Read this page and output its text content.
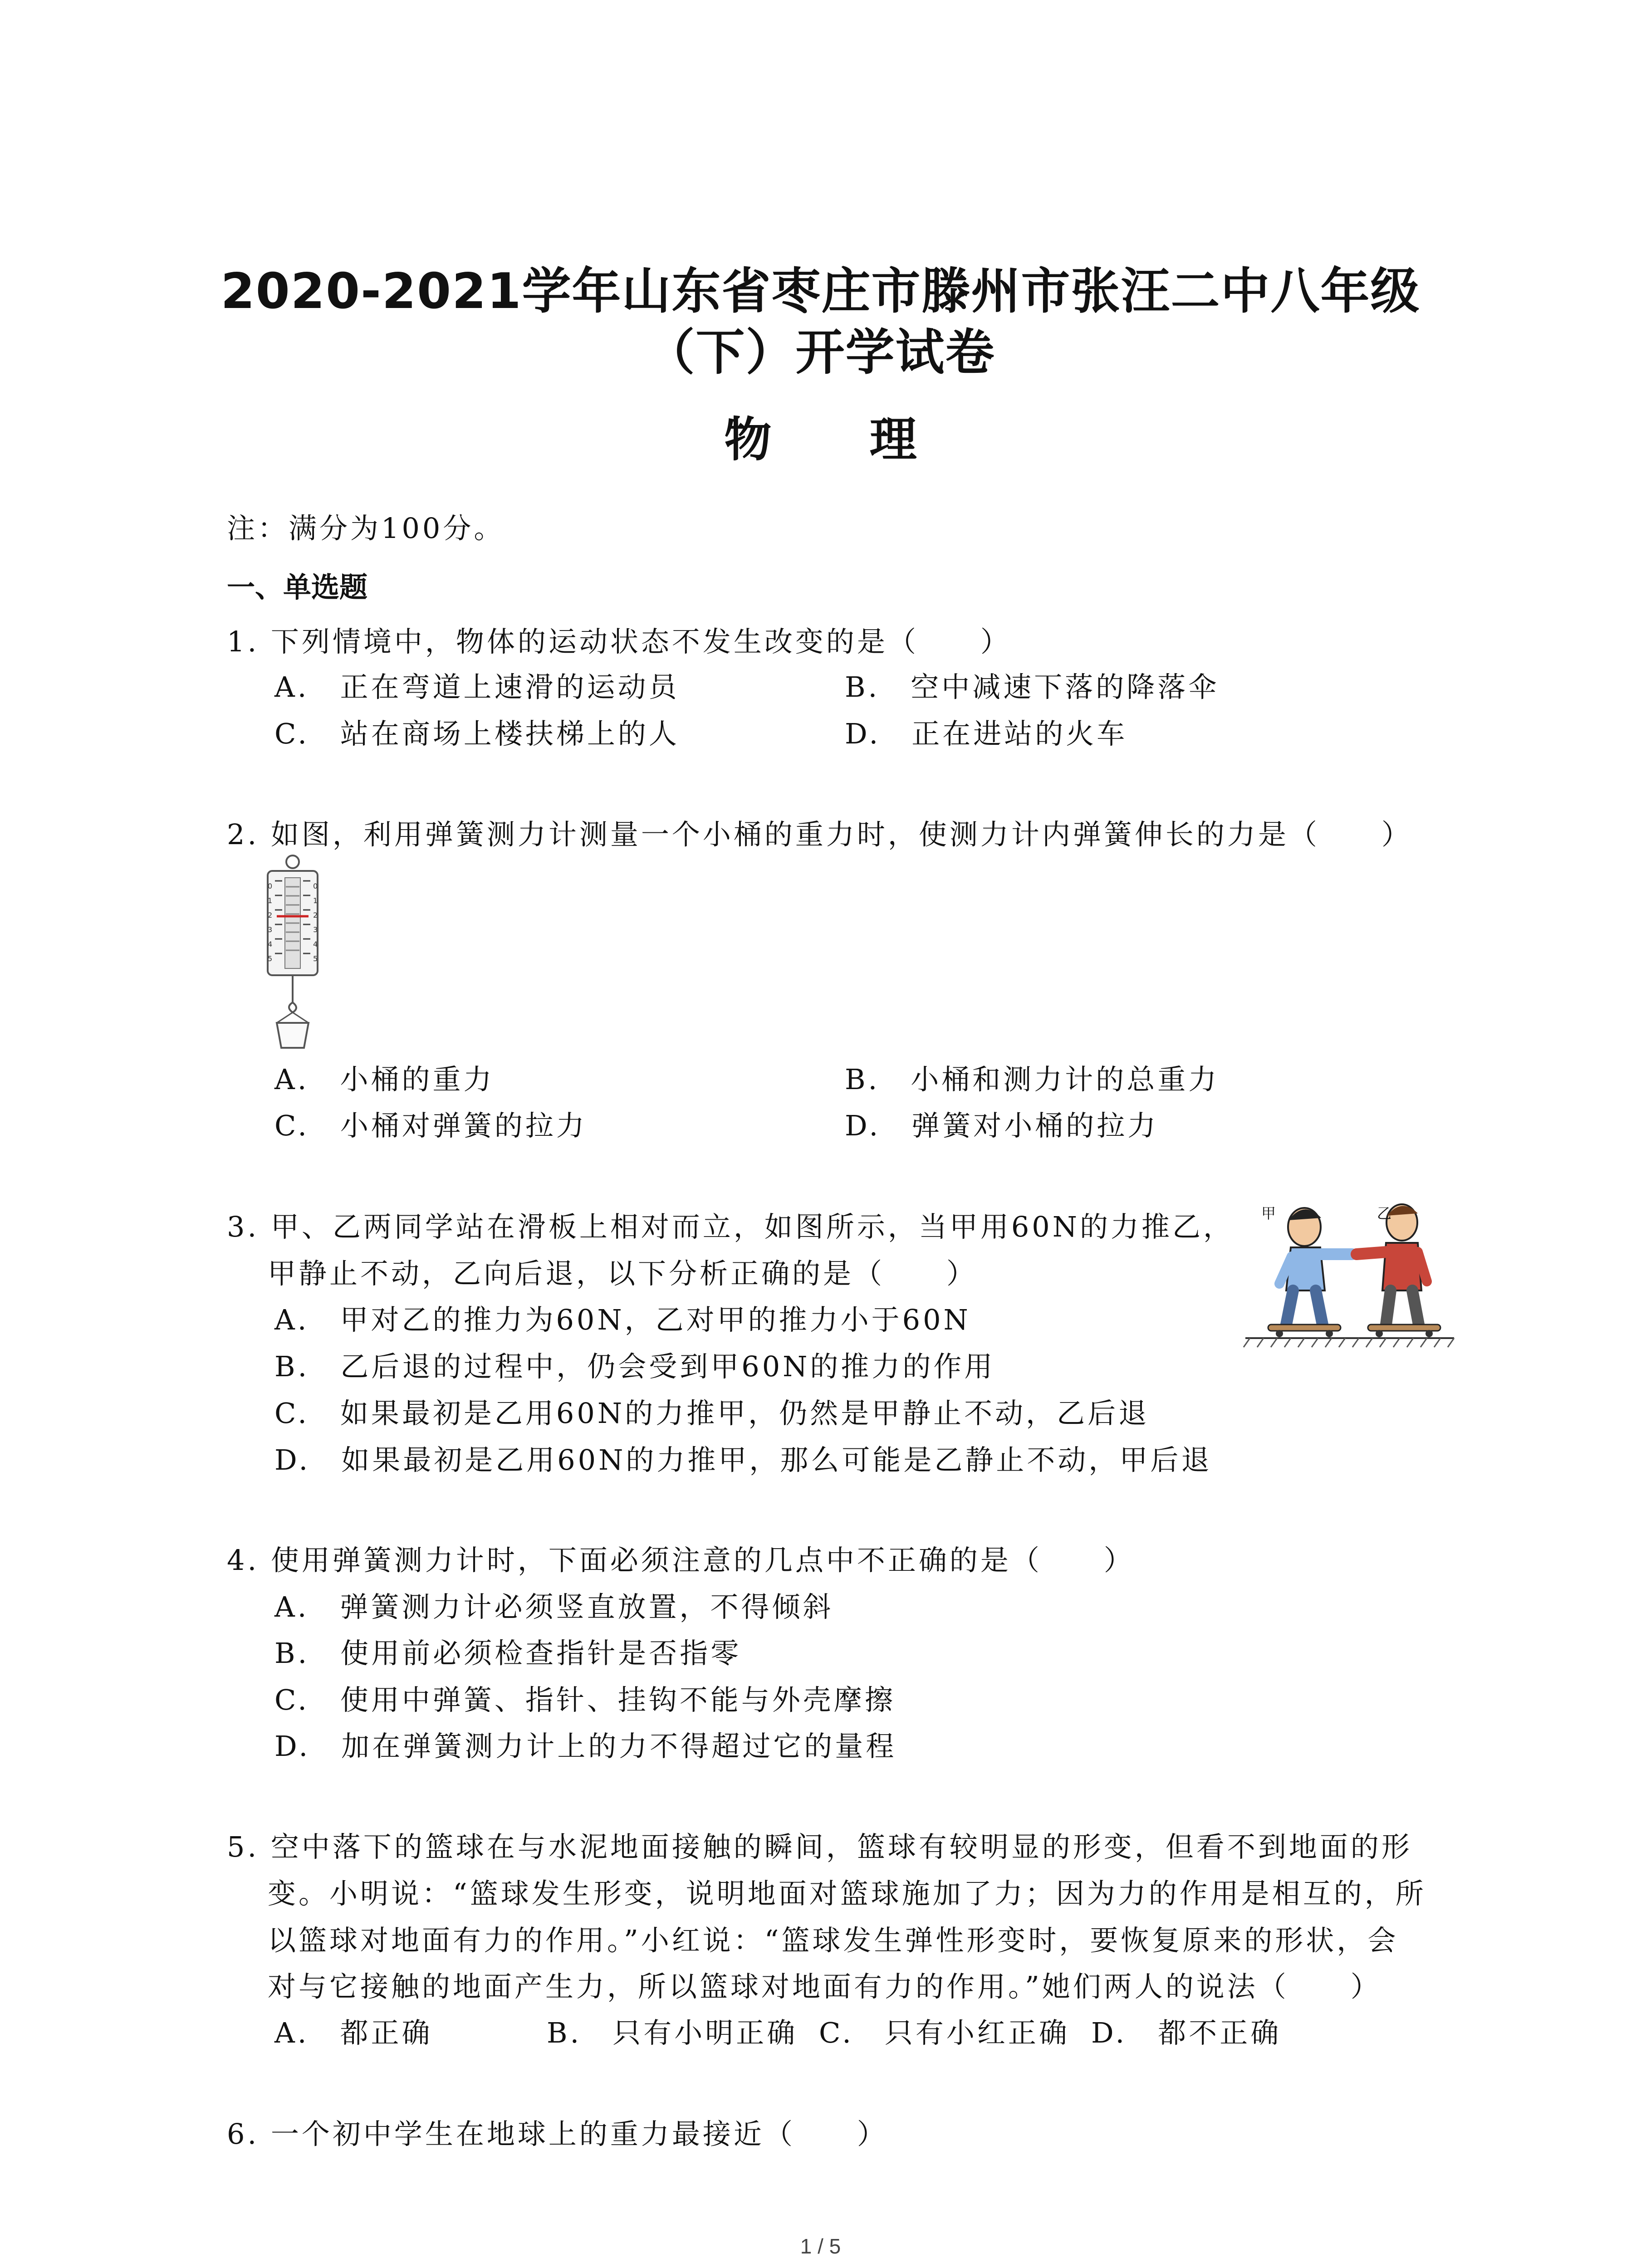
2020-2021学年山东省枣庄市滕州市张汪二中八年级
（下）开学试卷
物 理
注：满分为100分。
一、单选题
1. 下列情境中，物体的运动状态不发生改变的是（　　）
A.　正在弯道上速滑的运动员	B.　空中减速下落的降落伞
C.　站在商场上楼扶梯上的人	D.　正在进站的火车
2. 如图，利用弹簧测力计测量一个小桶的重力时，使测力计内弹簧伸长的力是（　　）
0
1
2
3
4
5
0
1
2
3
4
5
A.　小桶的重力	B.　小桶和测力计的总重力
C.　小桶对弹簧的拉力	D.　弹簧对小桶的拉力
3. 甲、乙两同学站在滑板上相对而立，如图所示，当甲用60N的力推乙，
甲静止不动，乙向后退，以下分析正确的是（　　）
A.　甲对乙的推力为60N，乙对甲的推力小于60N
B.　乙后退的过程中，仍会受到甲60N的推力的作用
C.　如果最初是乙用60N的力推甲，仍然是甲静止不动，乙后退
D.　如果最初是乙用60N的力推甲，那么可能是乙静止不动，甲后退
甲	乙
4. 使用弹簧测力计时，下面必须注意的几点中不正确的是（　　）
A.　弹簧测力计必须竖直放置，不得倾斜
B.　使用前必须检查指针是否指零
C.　使用中弹簧、指针、挂钩不能与外壳摩擦
D.　加在弹簧测力计上的力不得超过它的量程
5. 空中落下的篮球在与水泥地面接触的瞬间，篮球有较明显的形变，但看不到地面的形
变。小明说：“篮球发生形变，说明地面对篮球施加了力；因为力的作用是相互的，所
以篮球对地面有力的作用。”小红说：“篮球发生弹性形变时，要恢复原来的形状，会
对与它接触的地面产生力，所以篮球对地面有力的作用。”她们两人的说法（　　）
A.　都正确	B.　只有小明正确 C.　只有小红正确 D.　都不正确
6. 一个初中学生在地球上的重力最接近（　　）
1 / 5
